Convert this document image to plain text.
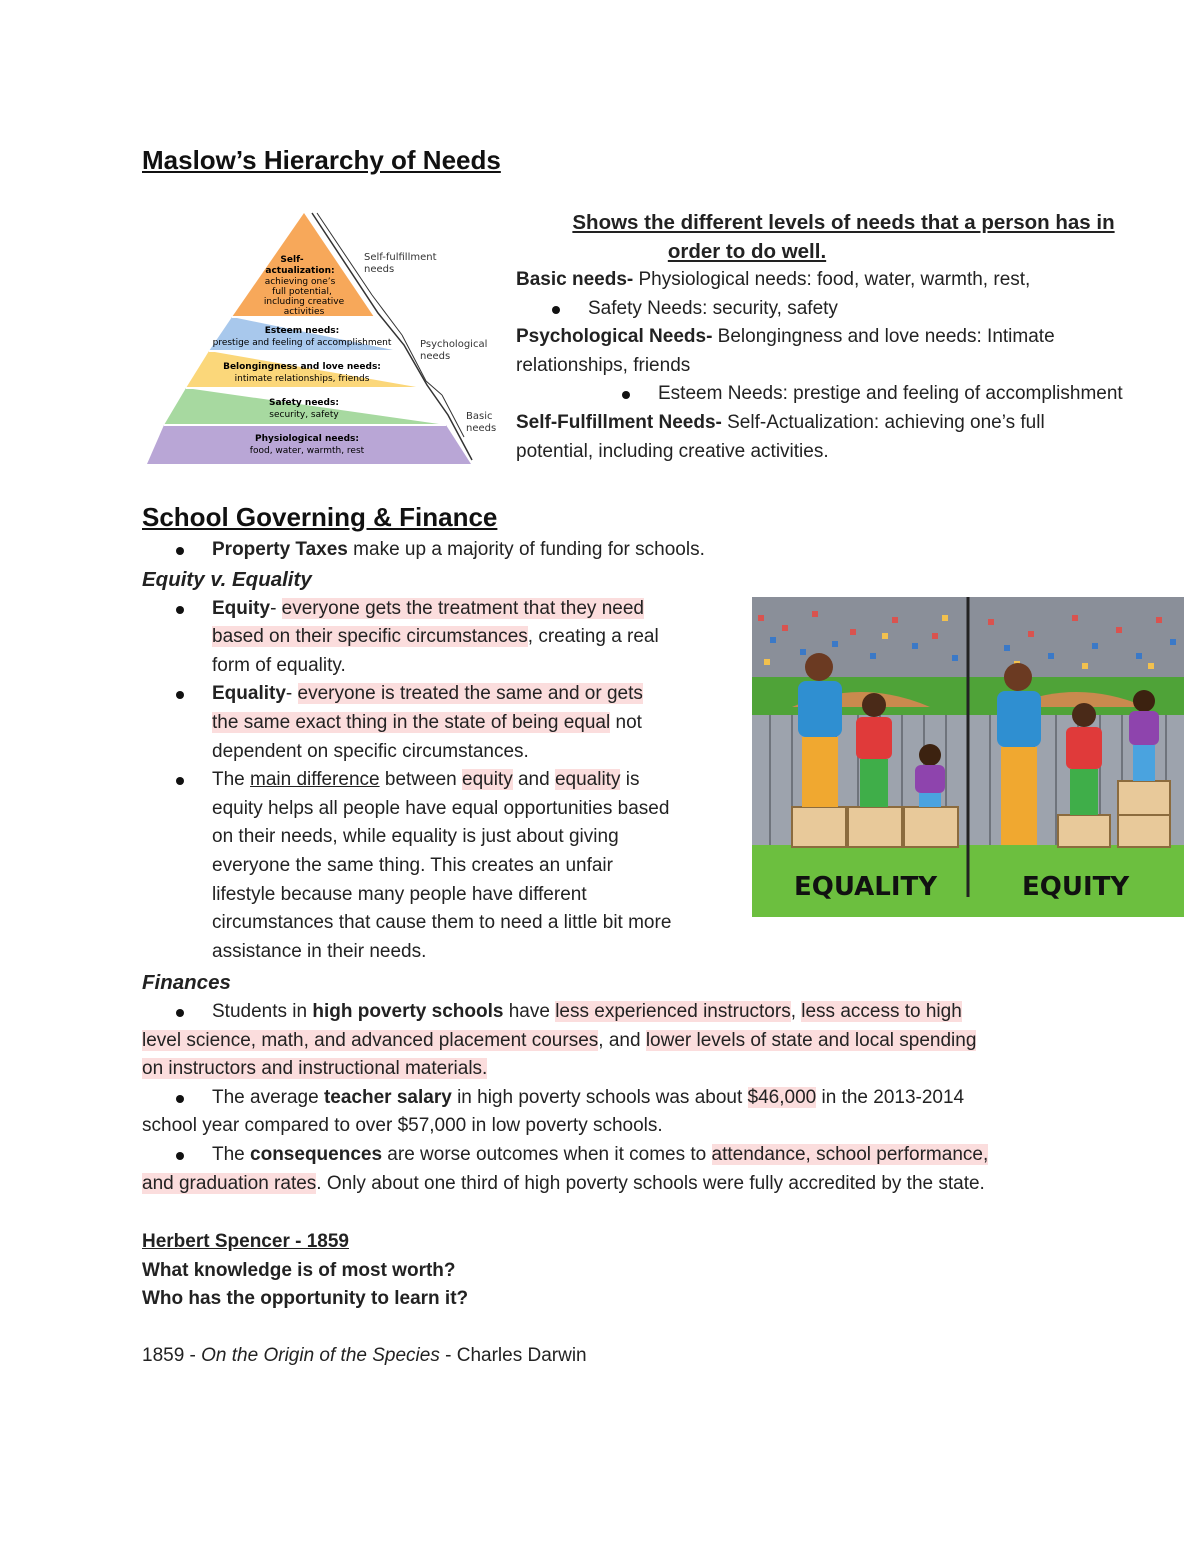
Maslow’s Hierarchy of Needs
Self-
actualization:
achieving one’s
full potential,
including creative
activities
Esteem needs:
prestige and feeling of accomplishment
Belongingness and love needs:
intimate relationships, friends
Safety needs:
security, safety
Physiological needs:
food, water, warmth, rest
Self-fulfillment
needs
Psychological
needs
Basic
needs
Shows the different levels of needs that a person has in
order to do well.
Basic needs- Physiological needs: food, water, warmth, rest,
Safety Needs: security, safety
Psychological Needs- Belongingness and love needs: Intimate
relationships, friends
Esteem Needs: prestige and feeling of accomplishment
Self-Fulfillment Needs- Self-Actualization: achieving one’s full
potential, including creative activities.
School Governing & Finance
Property Taxes make up a majority of funding for schools.
Equity v. Equality
Equity- everyone gets the treatment that they need
based on their specific circumstances, creating a real
form of equality.
Equality- everyone is treated the same and or gets
the same exact thing in the state of being equal not
dependent on specific circumstances.
The main difference between equity and equality is
equity helps all people have equal opportunities based
on their needs, while equality is just about giving
everyone the same thing. This creates an unfair
lifestyle because many people have different
circumstances that cause them to need a little bit more
assistance in their needs.
EQUALITY	EQUITY
Finances
Students in high poverty schools have less experienced instructors, less access to high
level science, math, and advanced placement courses, and lower levels of state and local spending
on instructors and instructional materials.
The average teacher salary in high poverty schools was about $46,000 in the 2013-2014
school year compared to over $57,000 in low poverty schools.
The consequences are worse outcomes when it comes to attendance, school performance,
and graduation rates. Only about one third of high poverty schools were fully accredited by the state.
Herbert Spencer - 1859
What knowledge is of most worth?
Who has the opportunity to learn it?
1859 - On the Origin of the Species - Charles Darwin
